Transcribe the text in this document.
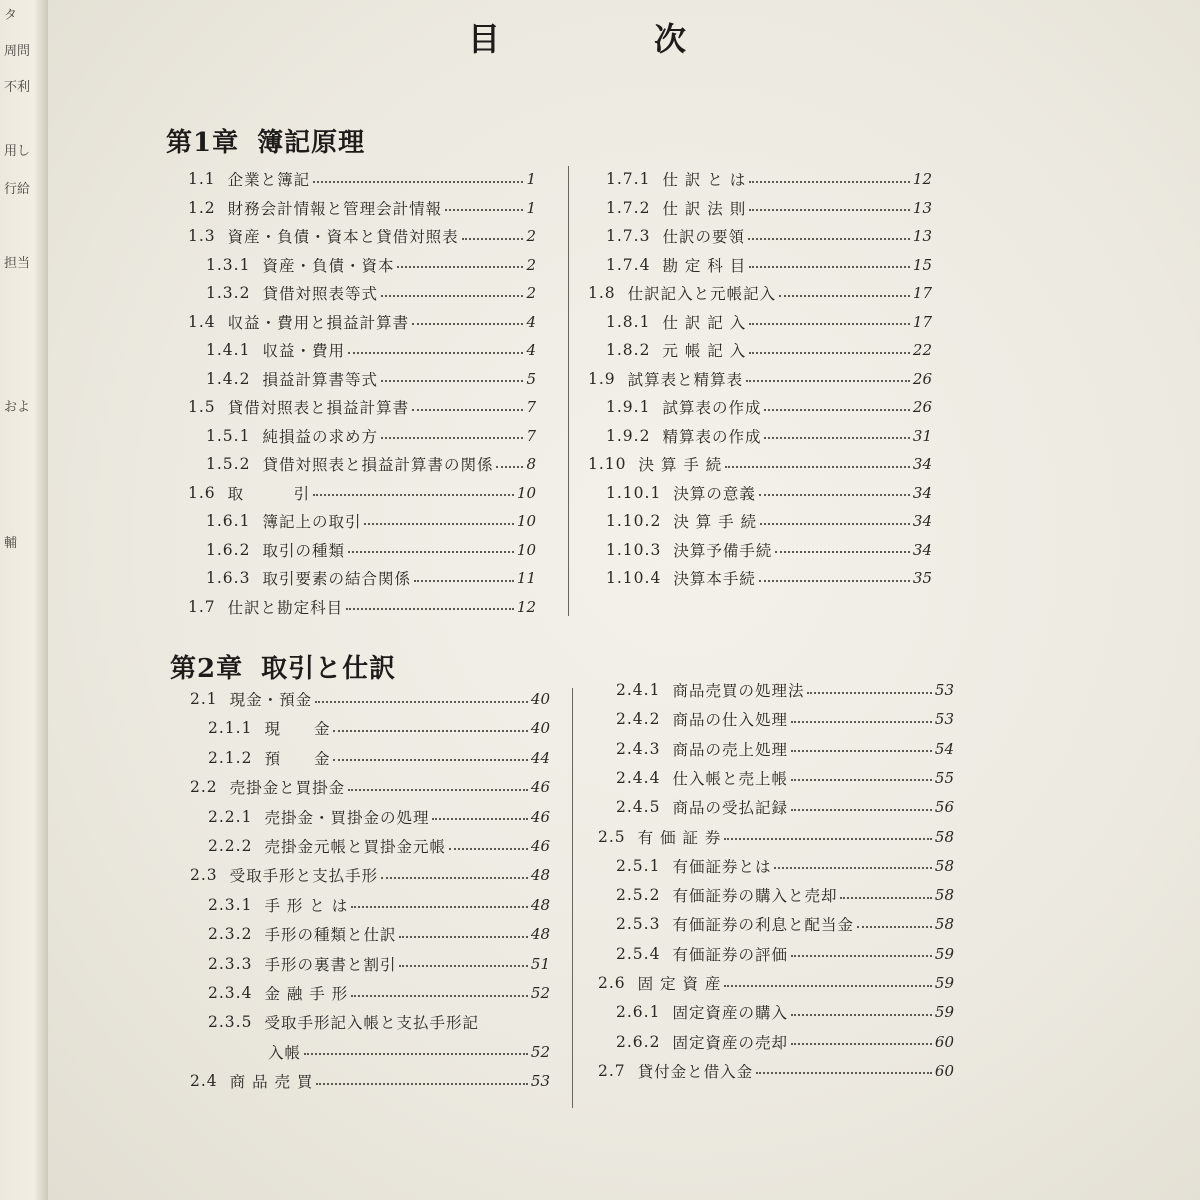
タ
周問
不利
用し
行給
担当
およ
輔
目	次
第1章 簿記原理
1.1 企業と簿記	1
1.2 財務会計情報と管理会計情報	1
1.3 資産・負債・資本と貸借対照表	2
1.3.1 資産・負債・資本	2
1.3.2 貸借対照表等式	2
1.4 収益・費用と損益計算書	4
1.4.1 収益・費用	4
1.4.2 損益計算書等式	5
1.5 貸借対照表と損益計算書	7
1.5.1 純損益の求め方	7
1.5.2 貸借対照表と損益計算書の関係 8
1.6 取　　　引	10
1.6.1 簿記上の取引	10
1.6.2 取引の種類	10
1.6.3 取引要素の結合関係	11
1.7 仕訳と勘定科目	12
1.7.1 仕 訳 と は	12
1.7.2 仕 訳 法 則	13
1.7.3 仕訳の要領	13
1.7.4 勘 定 科 目	15
1.8 仕訳記入と元帳記入	17
1.8.1 仕 訳 記 入	17
1.8.2 元 帳 記 入	22
1.9 試算表と精算表	26
1.9.1 試算表の作成	26
1.9.2 精算表の作成	31
1.10 決 算 手 続	34
1.10.1 決算の意義	34
1.10.2 決 算 手 続	34
1.10.3 決算予備手続	34
1.10.4 決算本手続	35
第2章 取引と仕訳
2.1 現金・預金	40
2.1.1 現　　金	40
2.1.2 預　　金	44
2.2 売掛金と買掛金	46
2.2.1 売掛金・買掛金の処理	46
2.2.2 売掛金元帳と買掛金元帳	46
2.3 受取手形と支払手形	48
2.3.1 手 形 と は	48
2.3.2 手形の種類と仕訳	48
2.3.3 手形の裏書と割引	51
2.3.4 金 融 手 形	52
2.3.5 受取手形記入帳と支払手形記
入帳	52
2.4 商 品 売 買	53
2.4.1 商品売買の処理法	53
2.4.2 商品の仕入処理	53
2.4.3 商品の売上処理	54
2.4.4 仕入帳と売上帳	55
2.4.5 商品の受払記録	56
2.5 有 価 証 券	58
2.5.1 有価証券とは	58
2.5.2 有価証券の購入と売却	58
2.5.3 有価証券の利息と配当金	58
2.5.4 有価証券の評価	59
2.6 固 定 資 産	59
2.6.1 固定資産の購入	59
2.6.2 固定資産の売却	60
2.7 貸付金と借入金	60
